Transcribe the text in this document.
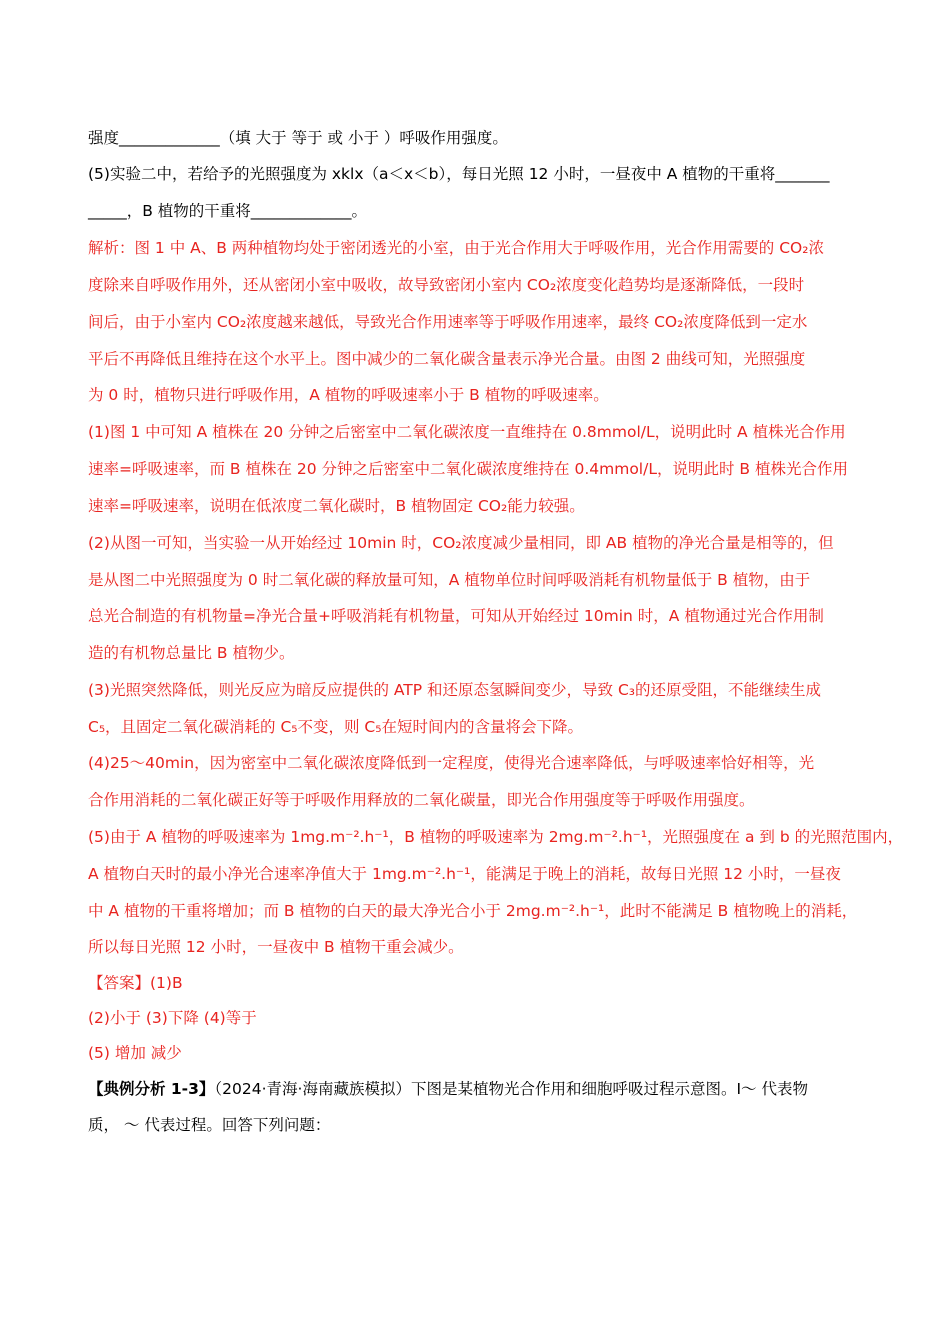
强度_____________（填 大于 等于 或 小于 ）呼吸作用强度。
(5)实验二中，若给予的光照强度为 xklx（a＜x＜b），每日光照 12 小时，一昼夜中 A 植物的干重将_______
_____，B 植物的干重将_____________。
解析：图 1 中 A、B 两种植物均处于密闭透光的小室，由于光合作用大于呼吸作用，光合作用需要的 CO₂浓
度除来自呼吸作用外，还从密闭小室中吸收，故导致密闭小室内 CO₂浓度变化趋势均是逐渐降低，一段时
间后，由于小室内 CO₂浓度越来越低，导致光合作用速率等于呼吸作用速率，最终 CO₂浓度降低到一定水
平后不再降低且维持在这个水平上。图中减少的二氧化碳含量表示净光合量。由图 2 曲线可知，光照强度
为 0 时，植物只进行呼吸作用，A 植物的呼吸速率小于 B 植物的呼吸速率。
(1)图 1 中可知 A 植株在 20 分钟之后密室中二氧化碳浓度一直维持在 0.8mmol/L，说明此时 A 植株光合作用
速率=呼吸速率，而 B 植株在 20 分钟之后密室中二氧化碳浓度维持在 0.4mmol/L，说明此时 B 植株光合作用
速率=呼吸速率，说明在低浓度二氧化碳时，B 植物固定 CO₂能力较强。
(2)从图一可知，当实验一从开始经过 10min 时，CO₂浓度减少量相同，即 AB 植物的净光合量是相等的，但
是从图二中光照强度为 0 时二氧化碳的释放量可知，A 植物单位时间呼吸消耗有机物量低于 B 植物，由于
总光合制造的有机物量=净光合量+呼吸消耗有机物量，可知从开始经过 10min 时，A 植物通过光合作用制
造的有机物总量比 B 植物少。
(3)光照突然降低，则光反应为暗反应提供的 ATP 和还原态氢瞬间变少，导致 C₃的还原受阻，不能继续生成
C₅，且固定二氧化碳消耗的 C₅不变，则 C₅在短时间内的含量将会下降。
(4)25～40min，因为密室中二氧化碳浓度降低到一定程度，使得光合速率降低，与呼吸速率恰好相等，光
合作用消耗的二氧化碳正好等于呼吸作用释放的二氧化碳量，即光合作用强度等于呼吸作用强度。
(5)由于 A 植物的呼吸速率为 1mg.m⁻².h⁻¹，B 植物的呼吸速率为 2mg.m⁻².h⁻¹，光照强度在 a 到 b 的光照范围内，
A 植物白天时的最小净光合速率净值大于 1mg.m⁻².h⁻¹，能满足于晚上的消耗，故每日光照 12 小时，一昼夜
中 A 植物的干重将增加；而 B 植物的白天的最大净光合小于 2mg.m⁻².h⁻¹，此时不能满足 B 植物晚上的消耗，
所以每日光照 12 小时，一昼夜中 B 植物干重会减少。
【答案】(1)B
(2)小于 (3)下降 (4)等于
(5) 增加 减少
【典例分析 1-3】（2024·青海·海南藏族模拟）下图是某植物光合作用和细胞呼吸过程示意图。I～ 代表物
质， ～ 代表过程。回答下列问题：
